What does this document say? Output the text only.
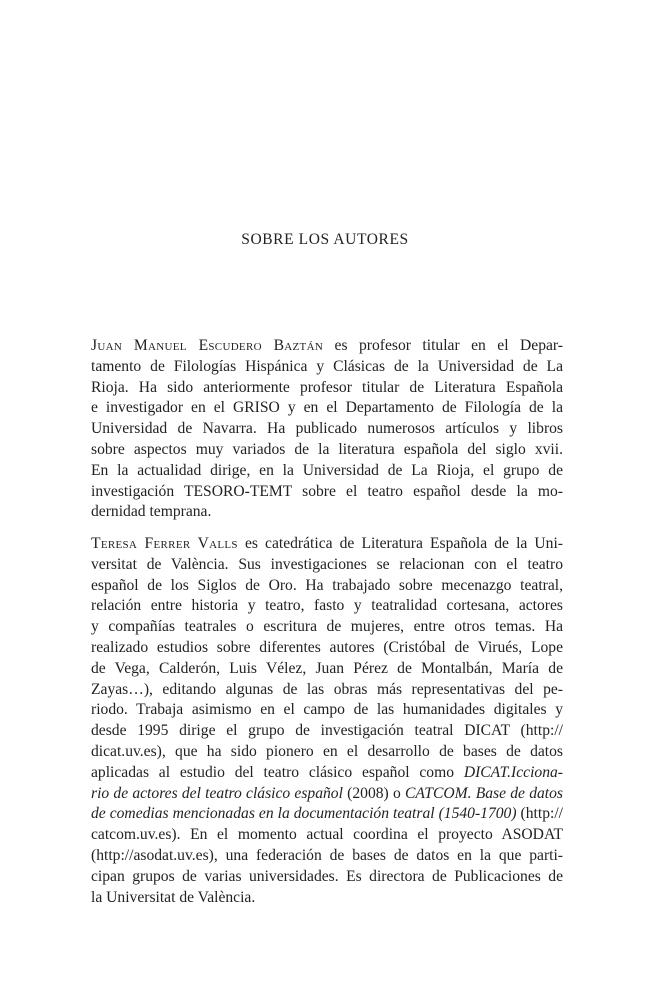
SOBRE LOS AUTORES
Juan Manuel Escudero Baztán es profesor titular en el Depar-
tamento de Filologías Hispánica y Clásicas de la Universidad de La
Rioja. Ha sido anteriormente profesor titular de Literatura Española
e investigador en el GRISO y en el Departamento de Filología de la
Universidad de Navarra. Ha publicado numerosos artículos y libros
sobre aspectos muy variados de la literatura española del siglo xvii.
En la actualidad dirige, en la Universidad de La Rioja, el grupo de
investigación TESORO-TEMT sobre el teatro español desde la mo-
dernidad temprana.
Teresa Ferrer Valls es catedrática de Literatura Española de la Uni-
versitat de València. Sus investigaciones se relacionan con el teatro
español de los Siglos de Oro. Ha trabajado sobre mecenazgo teatral,
relación entre historia y teatro, fasto y teatralidad cortesana, actores
y compañías teatrales o escritura de mujeres, entre otros temas. Ha
realizado estudios sobre diferentes autores (Cristóbal de Virués, Lope
de Vega, Calderón, Luis Vélez, Juan Pérez de Montalbán, María de
Zayas…), editando algunas de las obras más representativas del pe-
riodo. Trabaja asimismo en el campo de las humanidades digitales y
desde 1995 dirige el grupo de investigación teatral DICAT (http://
dicat.uv.es), que ha sido pionero en el desarrollo de bases de datos
aplicadas al estudio del teatro clásico español como DICAT.Icciona-
rio de actores del teatro clásico español (2008) o CATCOM. Base de datos
de comedias mencionadas en la documentación teatral (1540-1700) (http://
catcom.uv.es). En el momento actual coordina el proyecto ASODAT
(http://asodat.uv.es), una federación de bases de datos en la que parti-
cipan grupos de varias universidades. Es directora de Publicaciones de
la Universitat de València.
